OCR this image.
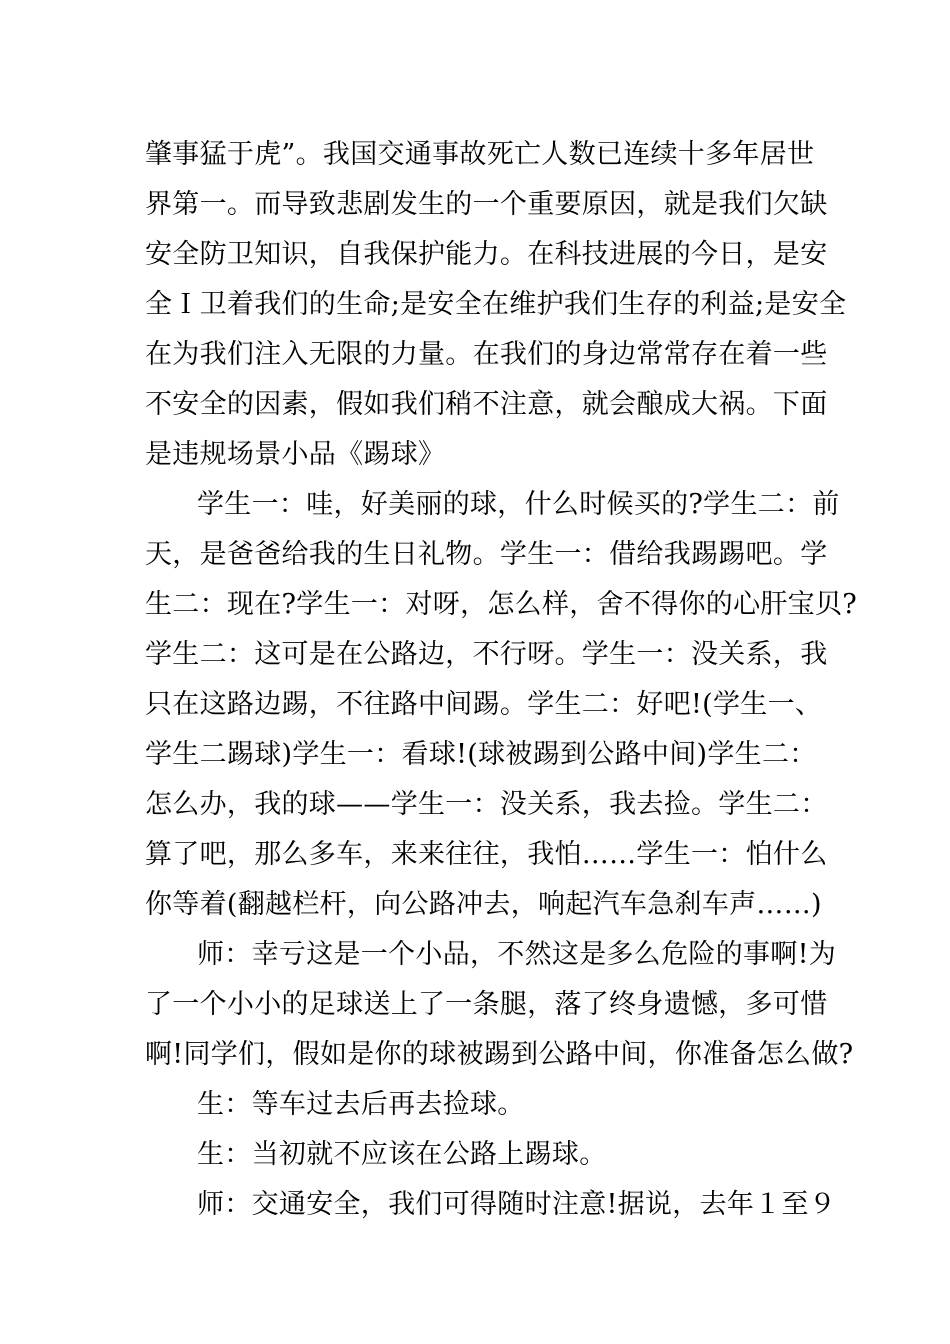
肇事猛于虎”。我国交通事故死亡人数已连续十多年居世
界第一。而导致悲剧发生的一个重要原因，就是我们欠缺
安全防卫知识，自我保护能力。在科技进展的今日，是安
全Ｉ卫着我们的生命;是安全在维护我们生存的利益;是安全
在为我们注入无限的力量。在我们的身边常常存在着一些
不安全的因素，假如我们稍不注意，就会酿成大祸。下面
是违规场景小品《踢球》
学生一：哇，好美丽的球，什么时候买的?学生二：前
天，是爸爸给我的生日礼物。学生一：借给我踢踢吧。学
生二：现在?学生一：对呀，怎么样，舍不得你的心肝宝贝?
学生二：这可是在公路边，不行呀。学生一：没关系，我
只在这路边踢，不往路中间踢。学生二：好吧!(学生一、
学生二踢球)学生一：看球!(球被踢到公路中间)学生二：
怎么办，我的球——学生一：没关系，我去捡。学生二：
算了吧，那么多车，来来往往，我怕……学生一：怕什么
你等着(翻越栏杆，向公路冲去，响起汽车急刹车声……)
师：幸亏这是一个小品，不然这是多么危险的事啊!为
了一个小小的足球送上了一条腿，落了终身遗憾，多可惜
啊!同学们，假如是你的球被踢到公路中间，你准备怎么做?
生：等车过去后再去捡球。
生：当初就不应该在公路上踢球。
师：交通安全，我们可得随时注意!据说，去年１至９
